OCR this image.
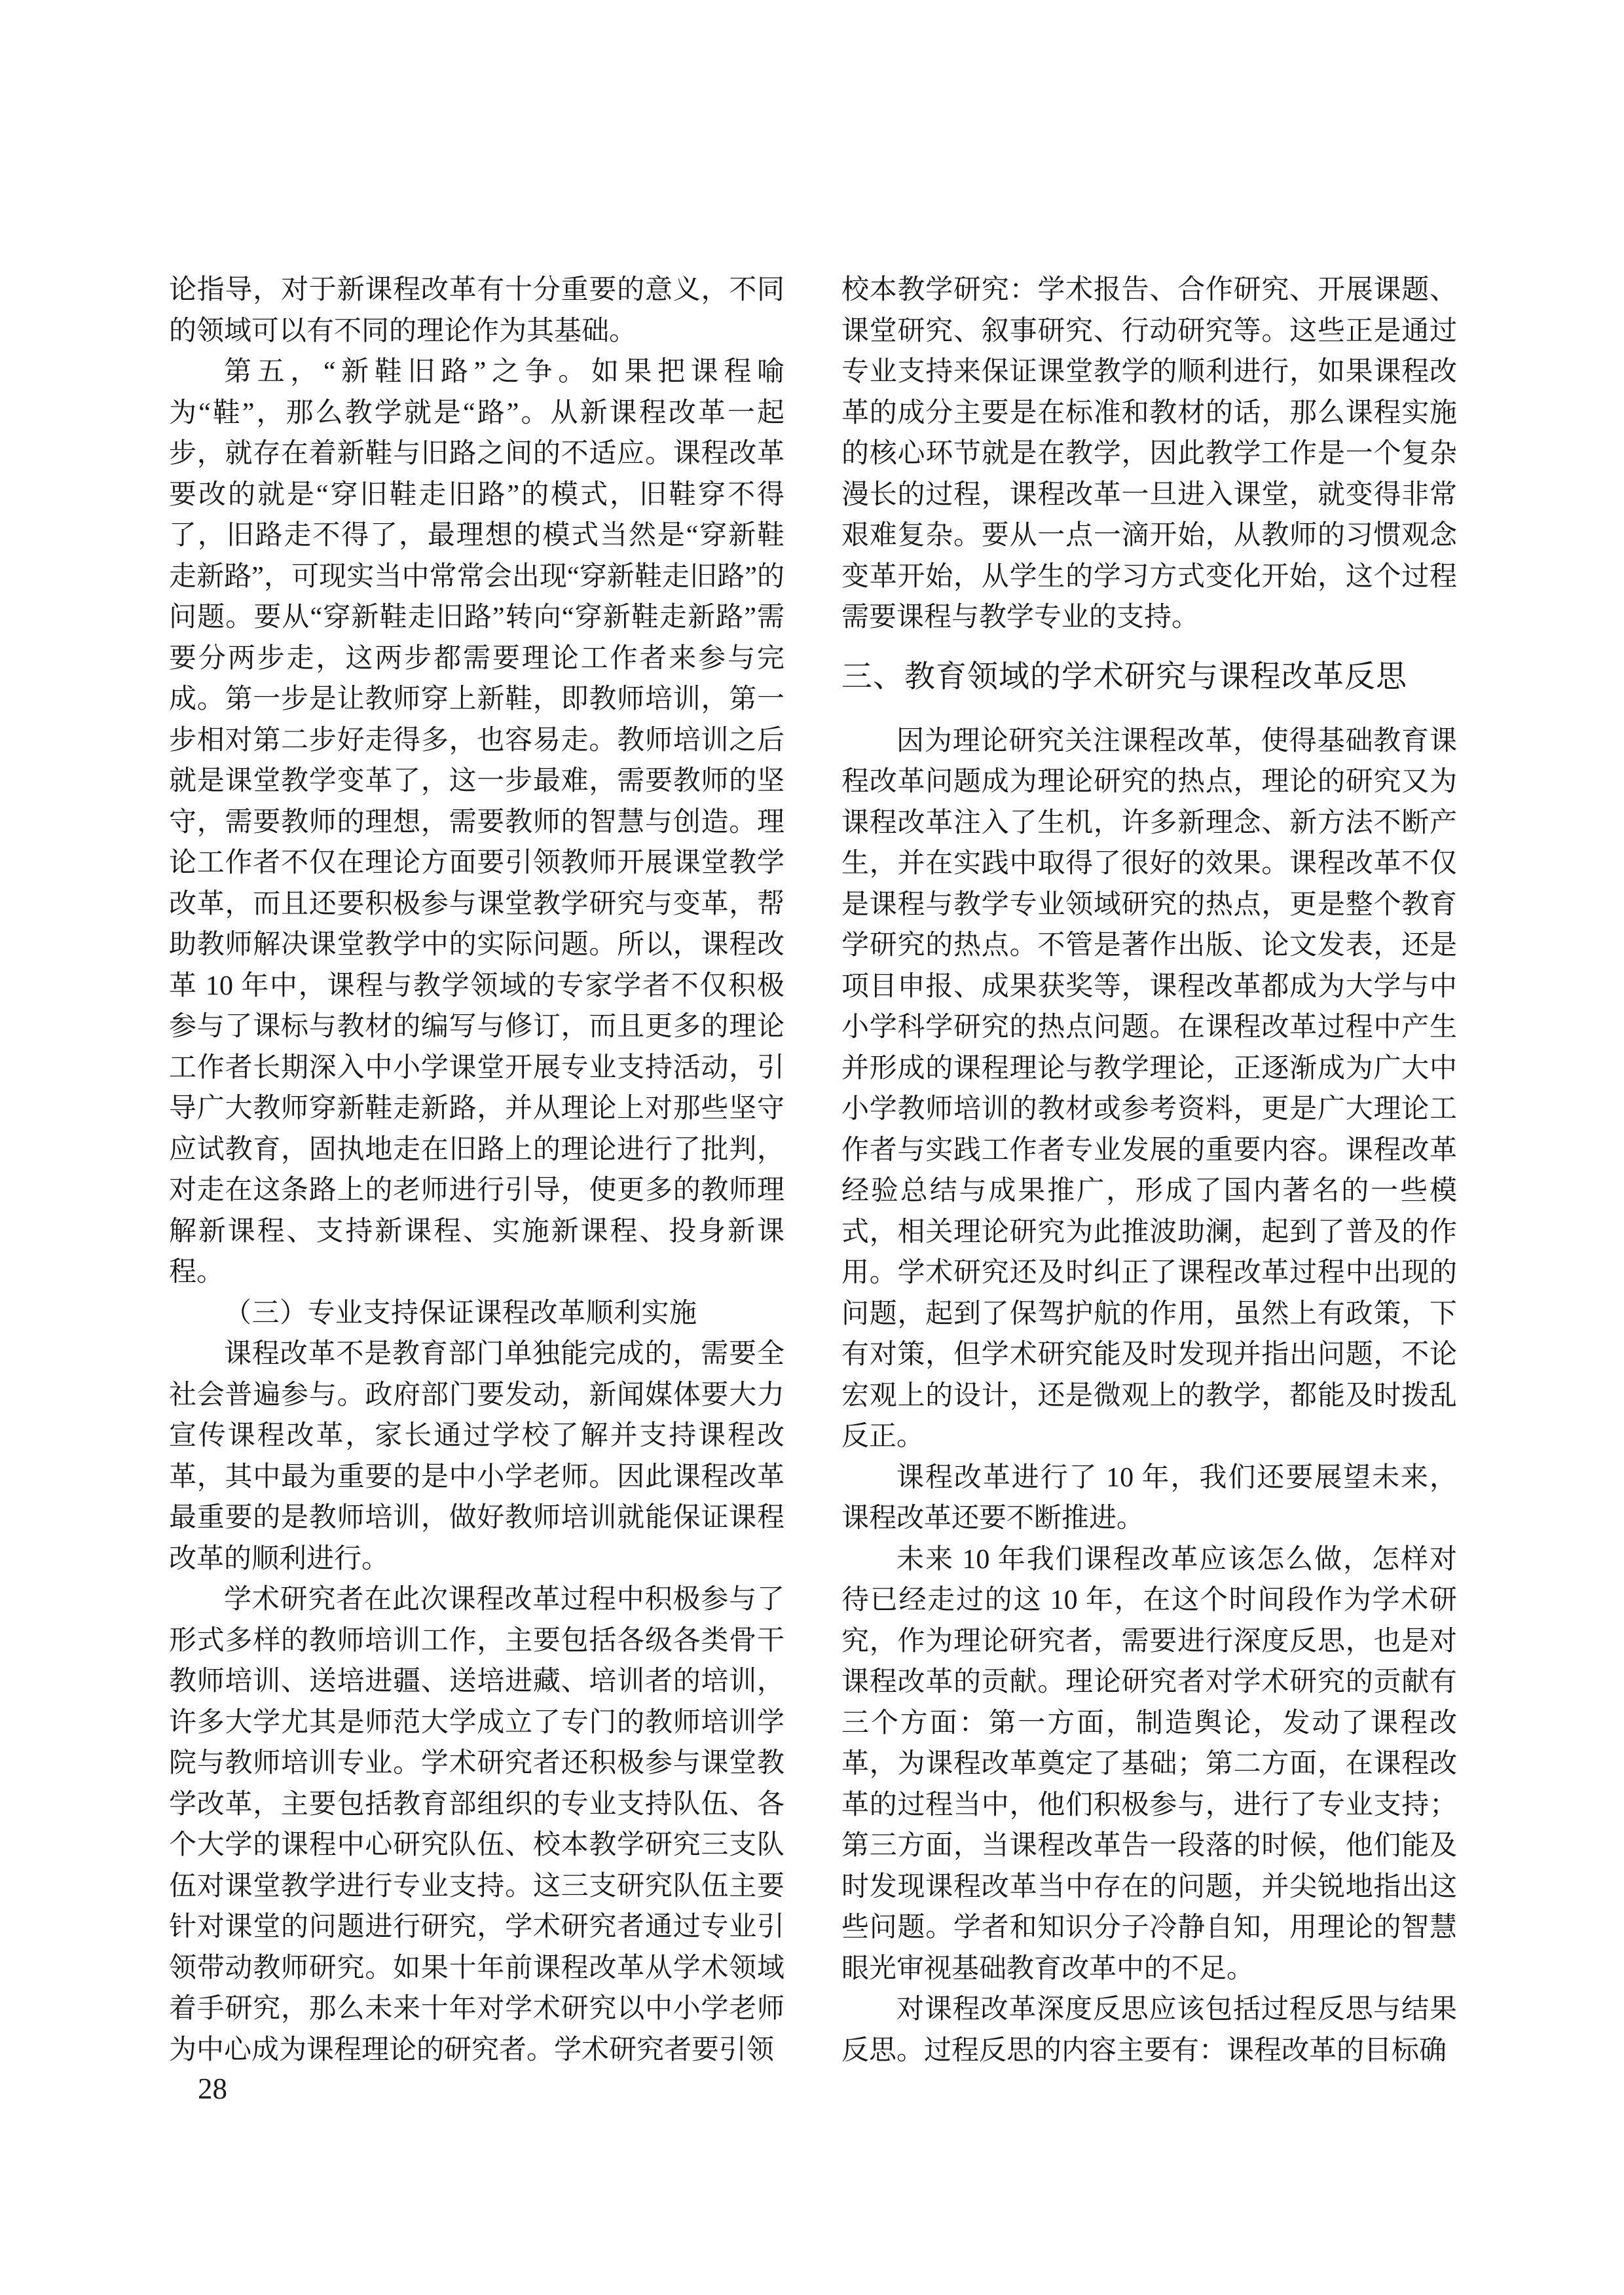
论指导，对于新课程改革有十分重要的意义，不同的领域可以有不同的理论作为其基础。

第五，“新鞋旧路”之争。如果把课程喻为“鞋”，那么教学就是“路”。从新课程改革一起步，就存在着新鞋与旧路之间的不适应。课程改革要改的就是“穿旧鞋走旧路”的模式，旧鞋穿不得了，旧路走不得了，最理想的模式当然是“穿新鞋走新路”，可现实当中常常会出现“穿新鞋走旧路”的问题。要从“穿新鞋走旧路”转向“穿新鞋走新路”需要分两步走，这两步都需要理论工作者来参与完成。第一步是让教师穿上新鞋，即教师培训，第一步相对第二步好走得多，也容易走。教师培训之后就是课堂教学变革了，这一步最难，需要教师的坚守，需要教师的理想，需要教师的智慧与创造。理论工作者不仅在理论方面要引领教师开展课堂教学改革，而且还要积极参与课堂教学研究与变革，帮助教师解决课堂教学中的实际问题。所以，课程改革 10 年中，课程与教学领域的专家学者不仅积极参与了课标与教材的编写与修订，而且更多的理论工作者长期深入中小学课堂开展专业支持活动，引导广大教师穿新鞋走新路，并从理论上对那些坚守应试教育，固执地走在旧路上的理论进行了批判，对走在这条路上的老师进行引导，使更多的教师理解新课程、支持新课程、实施新课程、投身新课程。

（三）专业支持保证课程改革顺利实施

课程改革不是教育部门单独能完成的，需要全社会普遍参与。政府部门要发动，新闻媒体要大力宣传课程改革，家长通过学校了解并支持课程改革，其中最为重要的是中小学老师。因此课程改革最重要的是教师培训，做好教师培训就能保证课程改革的顺利进行。

学术研究者在此次课程改革过程中积极参与了形式多样的教师培训工作，主要包括各级各类骨干教师培训、送培进疆、送培进藏、培训者的培训，许多大学尤其是师范大学成立了专门的教师培训学院与教师培训专业。学术研究者还积极参与课堂教学改革，主要包括教育部组织的专业支持队伍、各个大学的课程中心研究队伍、校本教学研究三支队伍对课堂教学进行专业支持。这三支研究队伍主要针对课堂的问题进行研究，学术研究者通过专业引领带动教师研究。如果十年前课程改革从学术领域着手研究，那么未来十年对学术研究以中小学老师为中心成为课程理论的研究者。学术研究者要引领

校本教学研究：学术报告、合作研究、开展课题、课堂研究、叙事研究、行动研究等。这些正是通过专业支持来保证课堂教学的顺利进行，如果课程改革的成分主要是在标准和教材的话，那么课程实施的核心环节就是在教学，因此教学工作是一个复杂漫长的过程，课程改革一旦进入课堂，就变得非常艰难复杂。要从一点一滴开始，从教师的习惯观念变革开始，从学生的学习方式变化开始，这个过程需要课程与教学专业的支持。

三、教育领域的学术研究与课程改革反思

因为理论研究关注课程改革，使得基础教育课程改革问题成为理论研究的热点，理论的研究又为课程改革注入了生机，许多新理念、新方法不断产生，并在实践中取得了很好的效果。课程改革不仅是课程与教学专业领域研究的热点，更是整个教育学研究的热点。不管是著作出版、论文发表，还是项目申报、成果获奖等，课程改革都成为大学与中小学科学研究的热点问题。在课程改革过程中产生并形成的课程理论与教学理论，正逐渐成为广大中小学教师培训的教材或参考资料，更是广大理论工作者与实践工作者专业发展的重要内容。课程改革经验总结与成果推广，形成了国内著名的一些模式，相关理论研究为此推波助澜，起到了普及的作用。学术研究还及时纠正了课程改革过程中出现的问题，起到了保驾护航的作用，虽然上有政策，下有对策，但学术研究能及时发现并指出问题，不论宏观上的设计，还是微观上的教学，都能及时拨乱反正。

课程改革进行了 10 年，我们还要展望未来，课程改革还要不断推进。

未来 10 年我们课程改革应该怎么做，怎样对待已经走过的这 10 年，在这个时间段作为学术研究，作为理论研究者，需要进行深度反思，也是对课程改革的贡献。理论研究者对学术研究的贡献有三个方面：第一方面，制造舆论，发动了课程改革，为课程改革奠定了基础；第二方面，在课程改革的过程当中，他们积极参与，进行了专业支持；第三方面，当课程改革告一段落的时候，他们能及时发现课程改革当中存在的问题，并尖锐地指出这些问题。学者和知识分子冷静自知，用理论的智慧眼光审视基础教育改革中的不足。

对课程改革深度反思应该包括过程反思与结果反思。过程反思的内容主要有：课程改革的目标确

28
